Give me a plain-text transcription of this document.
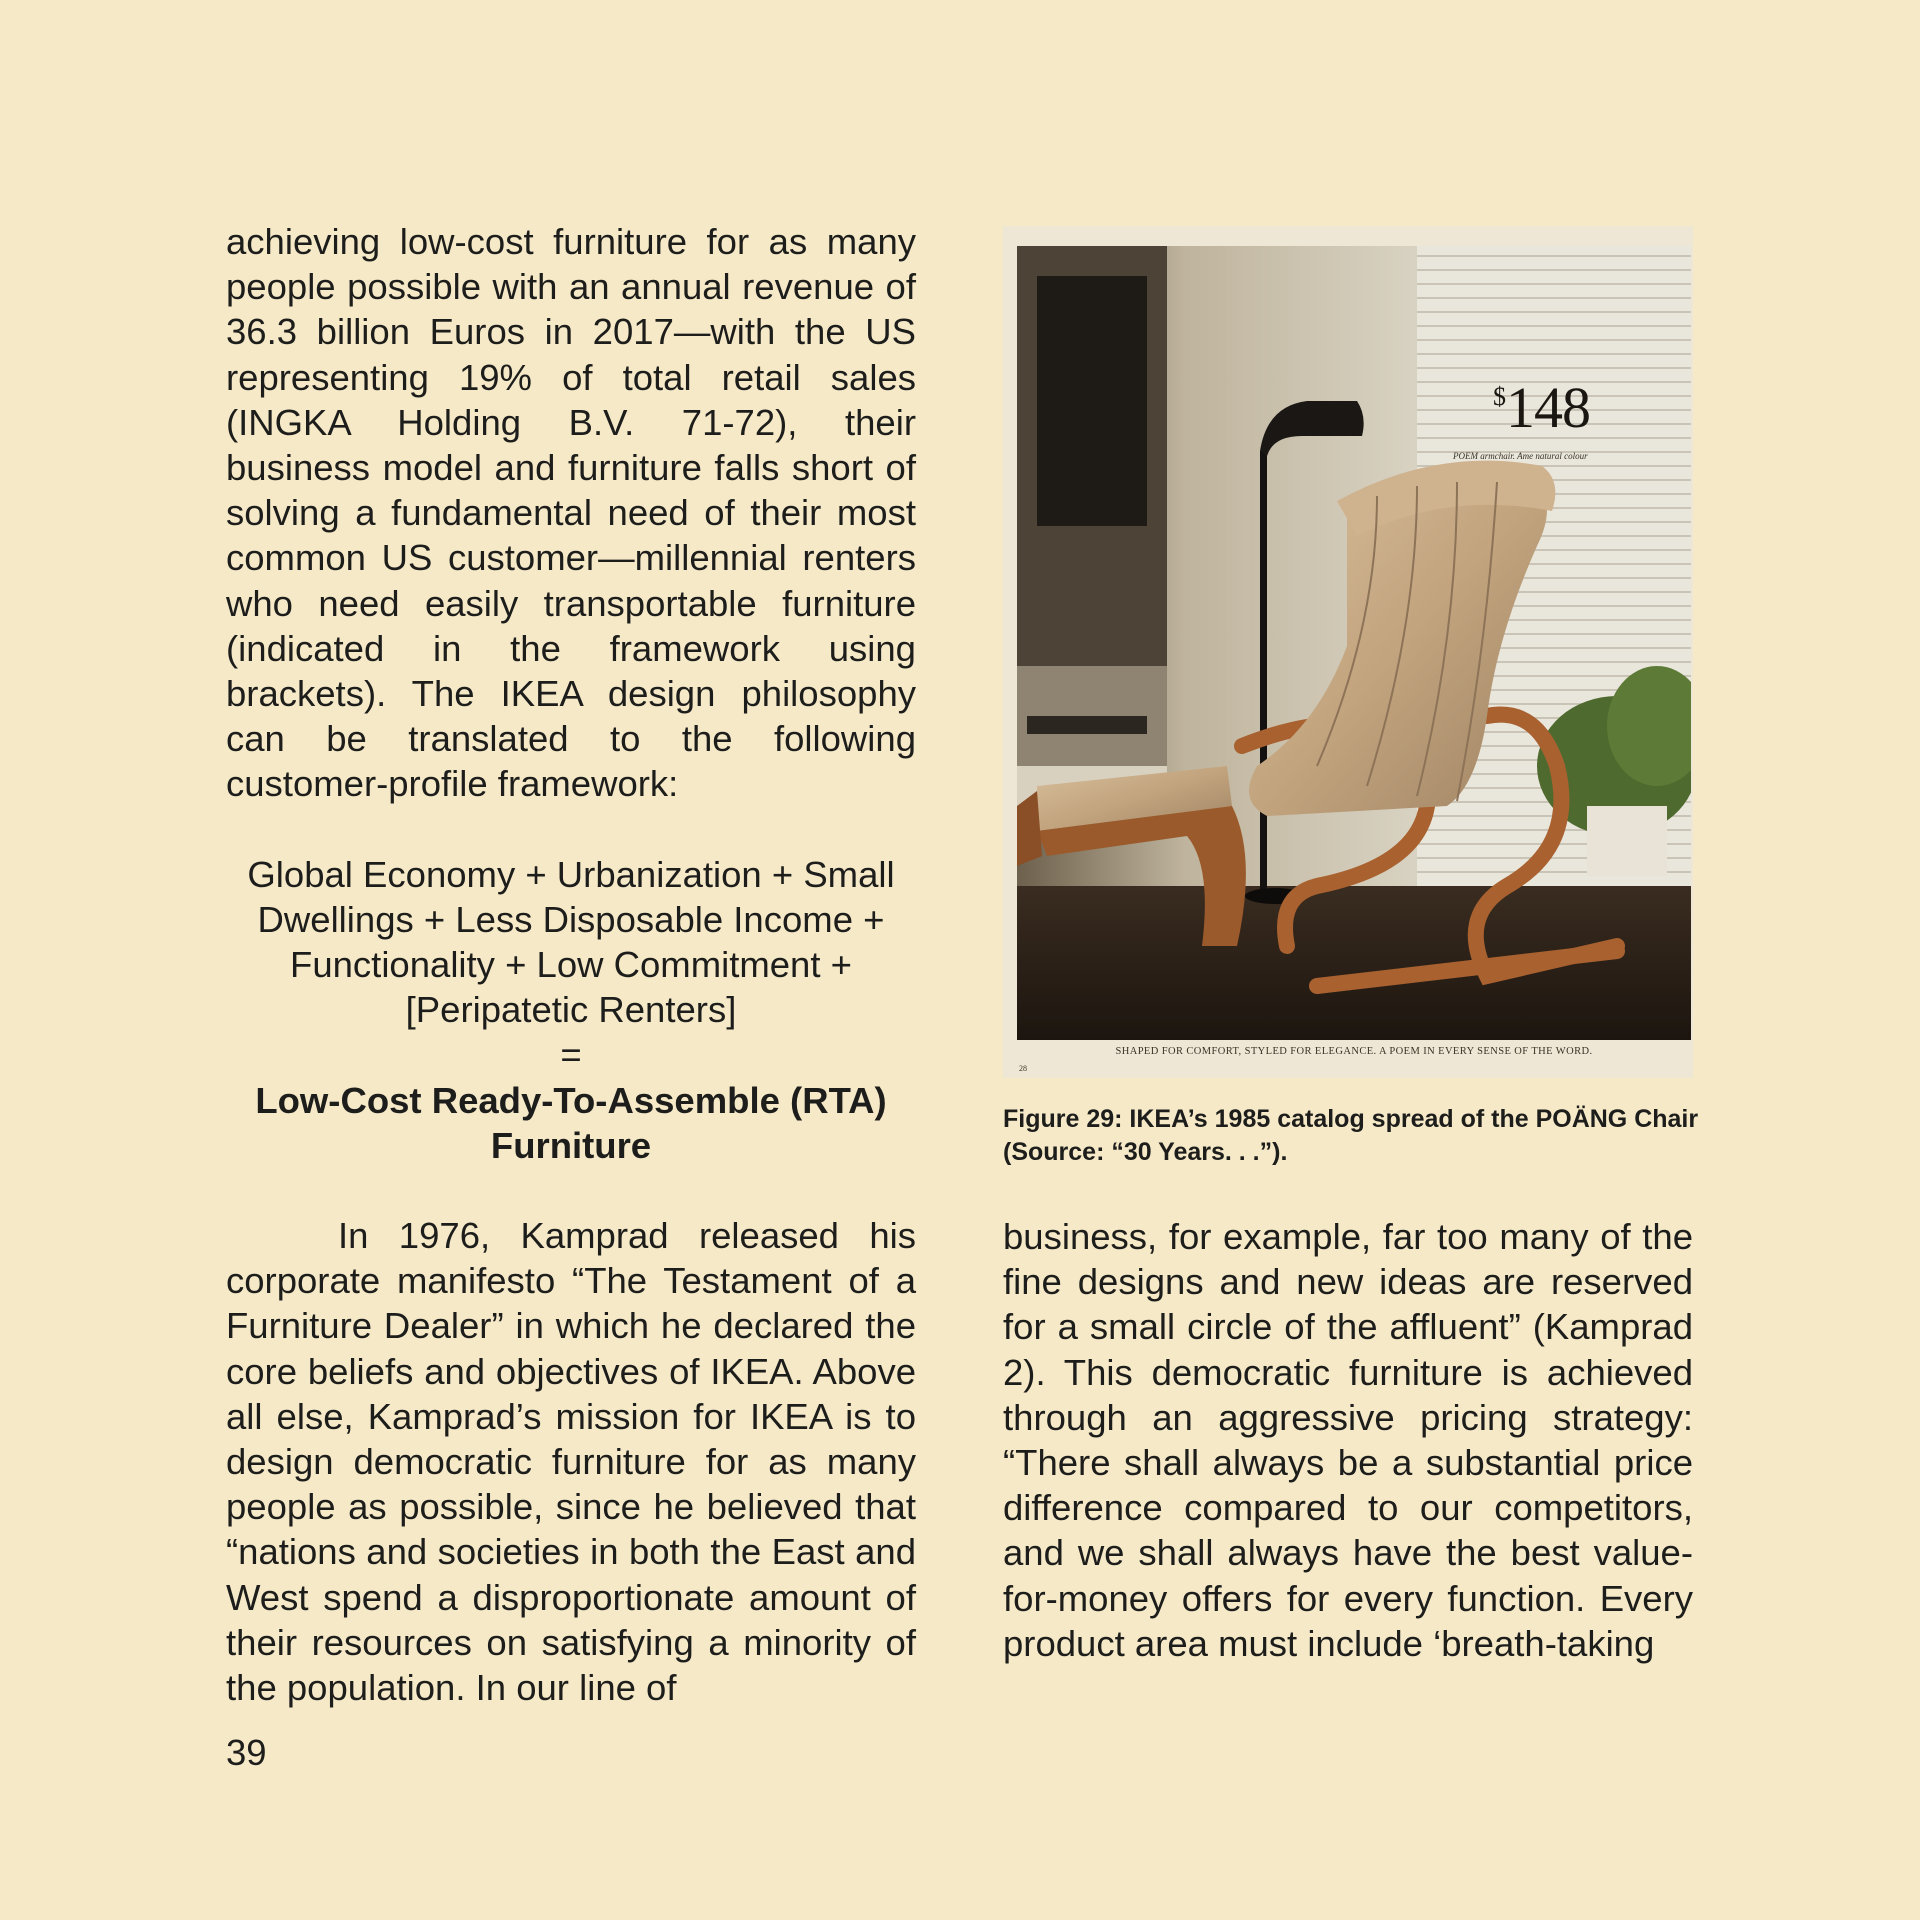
achieving low-cost furniture for as many people possible with an annual revenue of 36.3 billion Euros in 2017—with the US representing 19% of total retail sales (INGKA Holding B.V. 71-72), their business model and furniture falls short of solving a fundamental need of their most common US customer—millennial renters who need easily transportable furniture (indicated in the framework using brackets). The IKEA design philosophy can be translated to the following customer-profile framework:

Global Economy + Urbanization + Small
Dwellings + Less Disposable Income +
Functionality + Low Commitment +
[Peripatetic Renters]
=
Low-Cost Ready-To-Assemble (RTA)
Furniture

In 1976, Kamprad released his corporate manifesto “The Testament of a Furniture Dealer” in which he declared the core beliefs and objectives of IKEA. Above all else, Kamprad’s mission for IKEA is to design democratic furniture for as many people as possible, since he believed that “nations and societies in both the East and West spend a disproportionate amount of their resources on satisfying a minority of the population. In our line of

$148
POEM armchair. Ame natural colour
SHAPED FOR COMFORT, STYLED FOR ELEGANCE. A POEM IN EVERY SENSE OF THE WORD.
28
Figure 29: IKEA’s 1985 catalog spread of the POÄNG Chair (Source: “30 Years. . .”).

business, for example, far too many of the fine designs and new ideas are reserved for a small circle of the affluent” (Kamprad 2). This democratic furniture is achieved through an aggressive pricing strategy: “There shall always be a substantial price difference compared to our competitors, and we shall always have the best value-for-money offers for every function. Every product area must include ‘breath-taking

39
